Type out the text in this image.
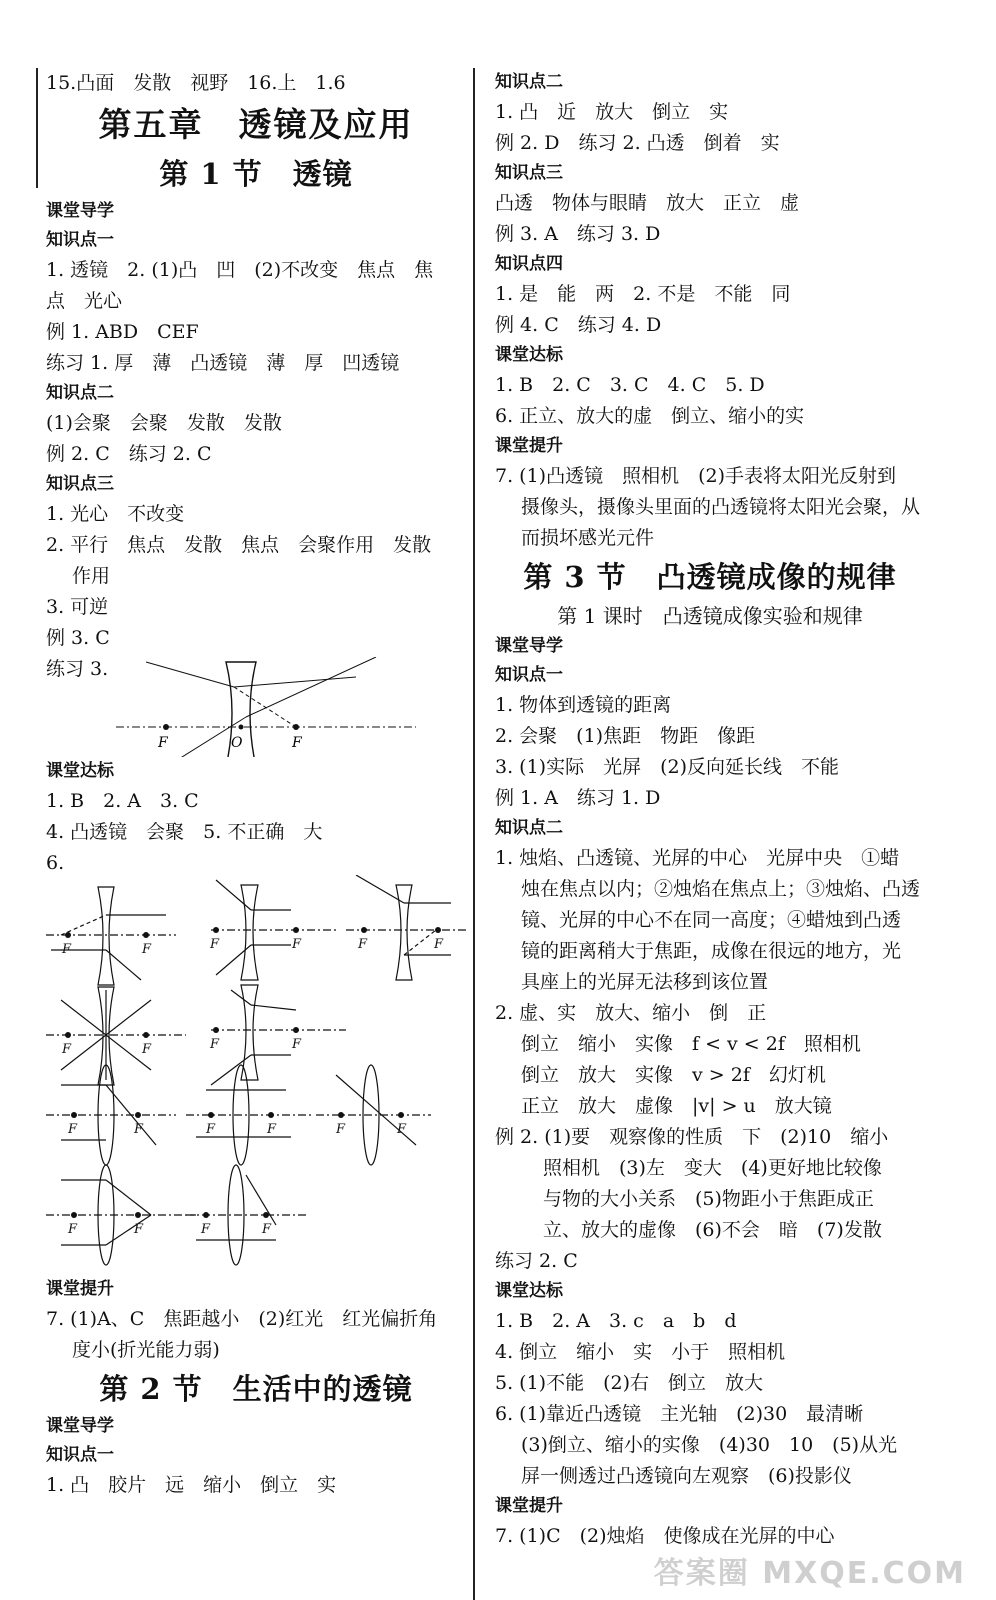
15.凸面　发散　视野　16.上　1.6
第五章　透镜及应用
第 1 节　透镜
课堂导学
知识点一
1. 透镜　2. (1)凸　凹　(2)不改变　焦点　焦
点　光心
例 1. ABD　CEF
练习 1. 厚　薄　凸透镜　薄　厚　凹透镜
知识点二
(1)会聚　会聚　发散　发散
例 2. C　练习 2. C
知识点三
1. 光心　不改变
2. 平行　焦点　发散　焦点　会聚作用　发散
作用
3. 可逆
例 3. C
练习 3.
F	O	F
课堂达标
1. B　2. A　3. C
4. 凸透镜　会聚　5. 不正确　大
6.
F	F	F	F	F	F
F	F	F	F
F	F	F	F	F	F
F	F	F	F
课堂提升
7. (1)A、C　焦距越小　(2)红光　红光偏折角
度小(折光能力弱)
第 2 节　生活中的透镜
课堂导学
知识点一
1. 凸　胶片　远　缩小　倒立　实
知识点二
1. 凸　近　放大　倒立　实
例 2. D　练习 2. 凸透　倒着　实
知识点三
凸透　物体与眼睛　放大　正立　虚
例 3. A　练习 3. D
知识点四
1. 是　能　两　2. 不是　不能　同
例 4. C　练习 4. D
课堂达标
1. B　2. C　3. C　4. C　5. D
6. 正立、放大的虚　倒立、缩小的实
课堂提升
7. (1)凸透镜　照相机　(2)手表将太阳光反射到
摄像头，摄像头里面的凸透镜将太阳光会聚，从
而损坏感光元件
第 3 节　凸透镜成像的规律
第 1 课时　凸透镜成像实验和规律
课堂导学
知识点一
1. 物体到透镜的距离
2. 会聚　(1)焦距　物距　像距
3. (1)实际　光屏　(2)反向延长线　不能
例 1. A　练习 1. D
知识点二
1. 烛焰、凸透镜、光屏的中心　光屏中央　①蜡
烛在焦点以内；②烛焰在焦点上；③烛焰、凸透
镜、光屏的中心不在同一高度；④蜡烛到凸透
镜的距离稍大于焦距，成像在很远的地方，光
具座上的光屏无法移到该位置
2. 虚、实　放大、缩小　倒　正
倒立　缩小　实像　f < v < 2f　照相机
倒立　放大　实像　v > 2f　幻灯机
正立　放大　虚像　|v| > u　放大镜
例 2. (1)要　观察像的性质　下　(2)10　缩小
照相机　(3)左　变大　(4)更好地比较像
与物的大小关系　(5)物距小于焦距成正
立、放大的虚像　(6)不会　暗　(7)发散
练习 2. C
课堂达标
1. B　2. A　3. c　a　b　d
4. 倒立　缩小　实　小于　照相机
5. (1)不能　(2)右　倒立　放大
6. (1)靠近凸透镜　主光轴　(2)30　最清晰
(3)倒立、缩小的实像　(4)30　10　(5)从光
屏一侧透过凸透镜向左观察　(6)投影仪
课堂提升
7. (1)C　(2)烛焰　使像成在光屏的中心
答案圈 MXQE.COM
